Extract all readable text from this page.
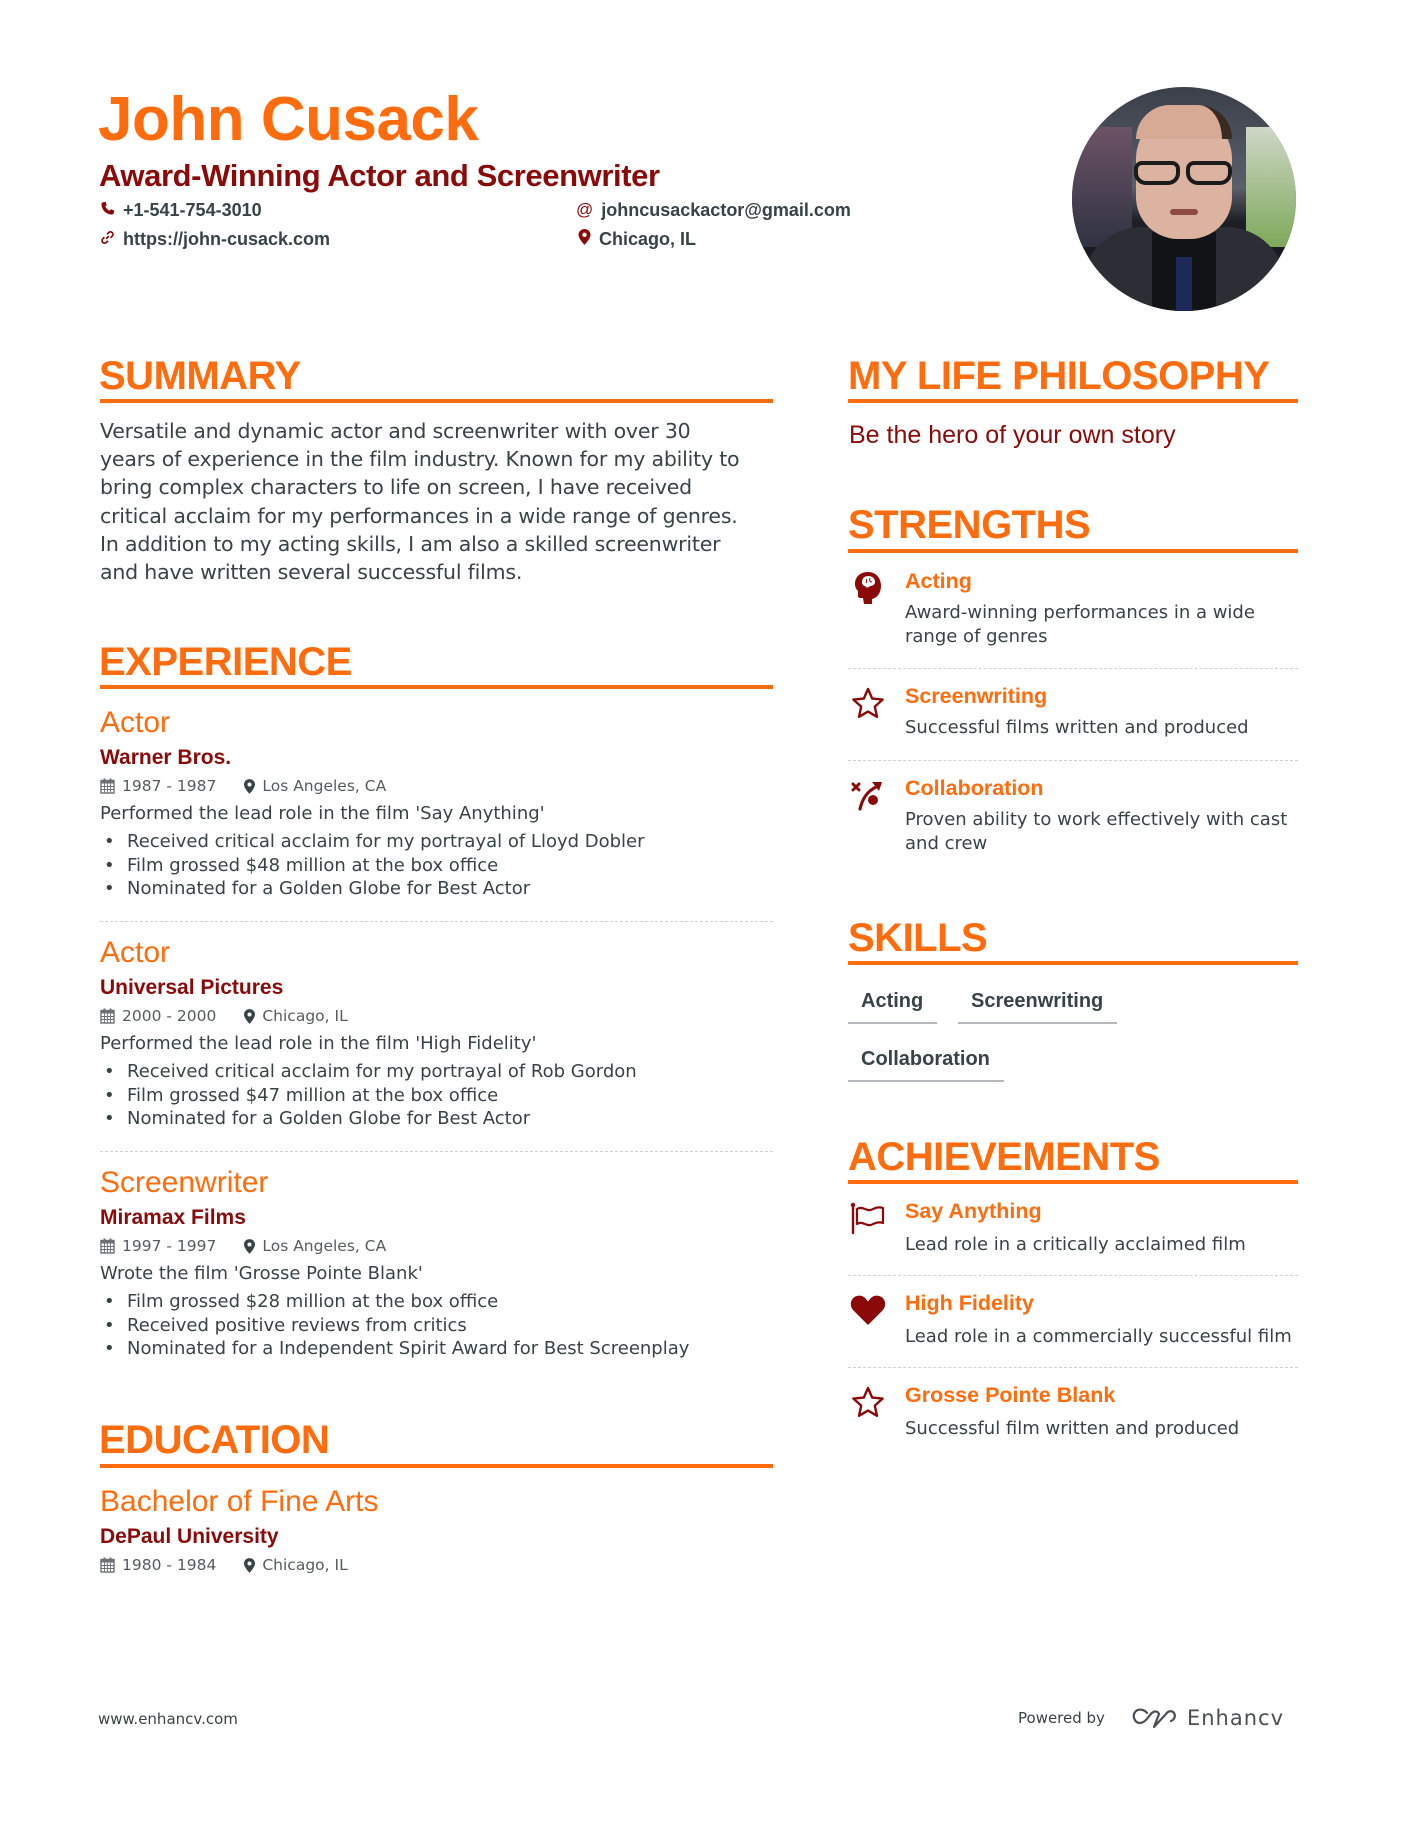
John Cusack
Award-Winning Actor and Screenwriter
+1-541-754-3010
https://john-cusack.com
@ johncusackactor@gmail.com
Chicago, IL
SUMMARY
Versatile and dynamic actor and screenwriter with over 30
years of experience in the film industry. Known for my ability to
bring complex characters to life on screen, I have received
critical acclaim for my performances in a wide range of genres.
In addition to my acting skills, I am also a skilled screenwriter
and have written several successful films.
EXPERIENCE
Actor
Warner Bros.
1987 - 1987	Los Angeles, CA
Performed the lead role in the film 'Say Anything'
• Received critical acclaim for my portrayal of Lloyd Dobler
• Film grossed $48 million at the box office
• Nominated for a Golden Globe for Best Actor
Actor
Universal Pictures
2000 - 2000	Chicago, IL
Performed the lead role in the film 'High Fidelity'
• Received critical acclaim for my portrayal of Rob Gordon
• Film grossed $47 million at the box office
• Nominated for a Golden Globe for Best Actor
Screenwriter
Miramax Films
1997 - 1997	Los Angeles, CA
Wrote the film 'Grosse Pointe Blank'
• Film grossed $28 million at the box office
• Received positive reviews from critics
• Nominated for a Independent Spirit Award for Best Screenplay
EDUCATION
Bachelor of Fine Arts
DePaul University
1980 - 1984	Chicago, IL
MY LIFE PHILOSOPHY
Be the hero of your own story
STRENGTHS
Acting
Award-winning performances in a wide range of genres
Screenwriting
Successful films written and produced
Collaboration
Proven ability to work effectively with cast and crew
SKILLS
Acting	Screenwriting
Collaboration
ACHIEVEMENTS
Say Anything
Lead role in a critically acclaimed film
High Fidelity
Lead role in a commercially successful film
Grosse Pointe Blank
Successful film written and produced
www.enhancv.com	Powered by	Enhancv
